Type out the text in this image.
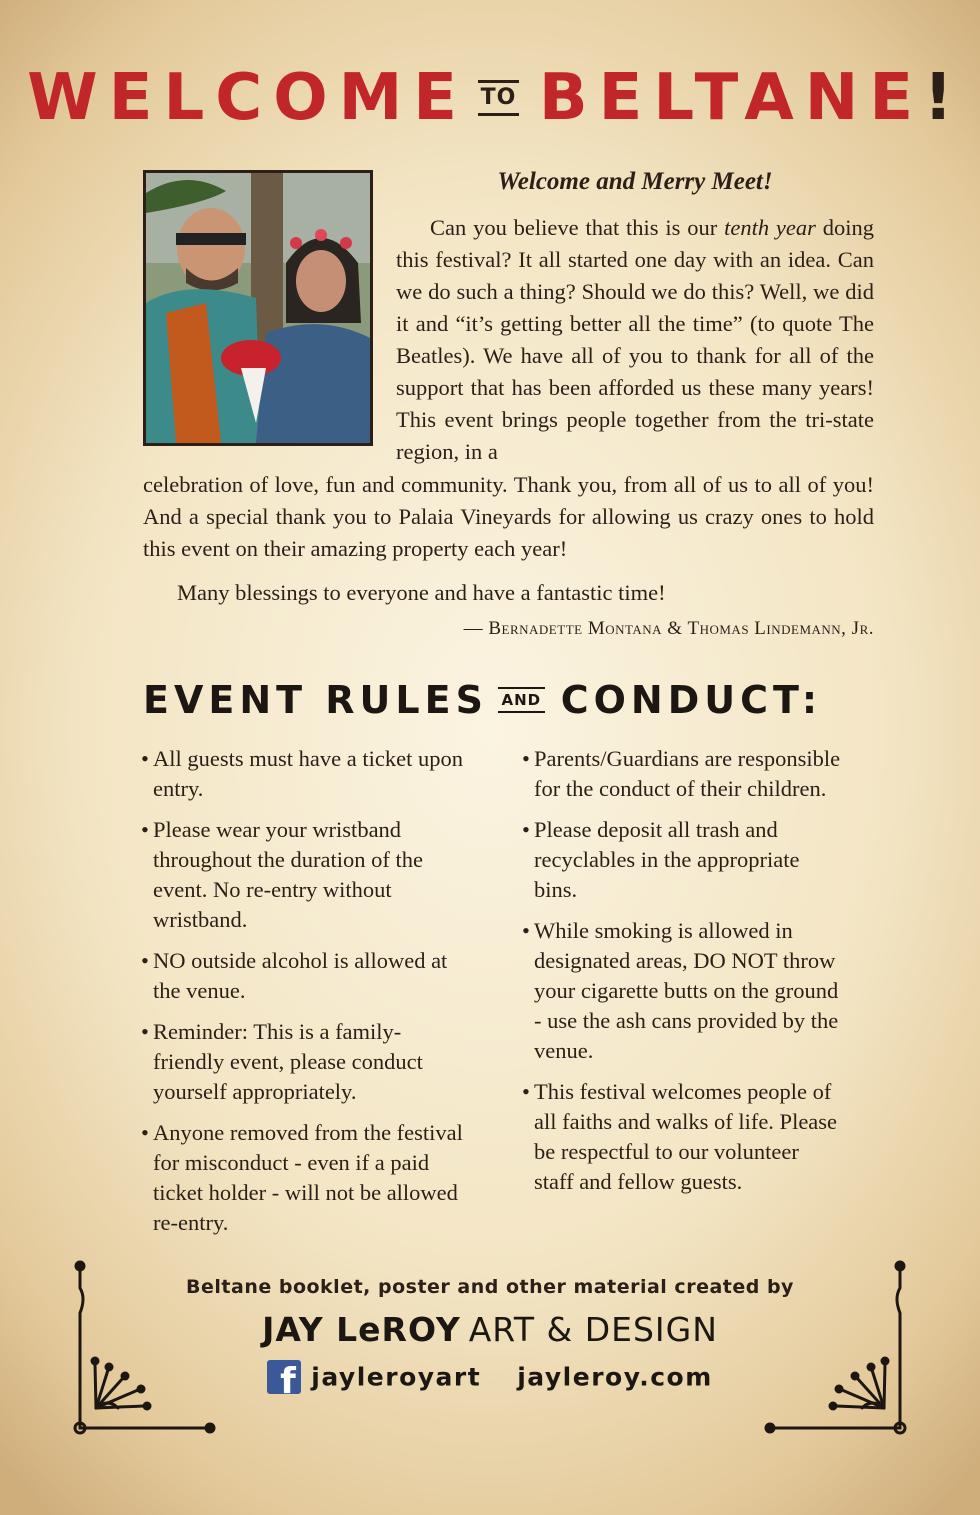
WELCOME TO BELTANE !
Welcome and Merry Meet!
Can you believe that this is our tenth year doing this festival? It all started one day with an idea. Can we do such a thing? Should we do this? Well, we did it and “it’s getting better all the time” (to quote The Beatles). We have all of you to thank for all of the support that has been afforded us these many years! This event brings people together from the tri-state region, in a
celebration of love, fun and community. Thank you, from all of us to all of you! And a special thank you to Palaia Vineyards for allowing us crazy ones to hold this event on their amazing property each year!
Many blessings to everyone and have a fantastic time!
— Bernadette Montana & Thomas Lindemann, Jr.
EVENT RULES AND CONDUCT:
• All guests must have a ticket upon entry.
• Please wear your wristband throughout the duration of the event. No re-entry without wristband.
• NO outside alcohol is allowed at the venue.
• Reminder: This is a family-friendly event, please conduct yourself appropriately.
• Anyone removed from the festival for misconduct - even if a paid ticket holder - will not be allowed re-entry.
• Parents/Guardians are responsible for the conduct of their children.
• Please deposit all trash and recyclables in the appropriate bins.
• While smoking is allowed in designated areas, DO NOT throw your cigarette butts on the ground - use the ash cans provided by the venue.
• This festival welcomes people of all faiths and walks of life. Please be respectful to our volunteer staff and fellow guests.
Beltane booklet, poster and other material created by
JAY LeROY ART & DESIGN
f jayleroyart jayleroy.com
